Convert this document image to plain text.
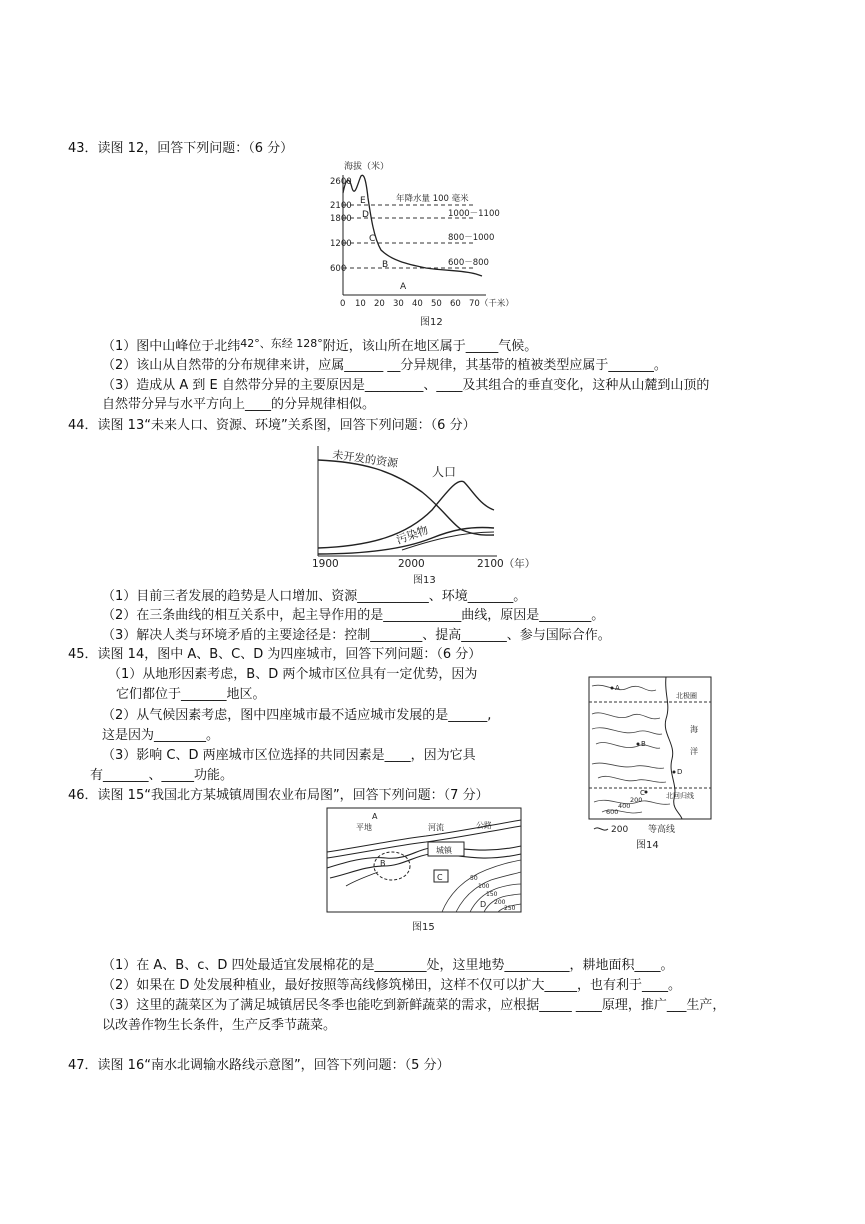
43．读图 12，回答下列问题：（6 分）
海拔（米）
2600
2100
1800
1200
600
E
D
C
B
A
年降水量 100 毫米
1000－1100
800－1000
600－800
0 10 20 30 40 50 60 70（千米）
图12
（1）图中山峰位于北纬$^{42^\circ、东经 128^\circ}$附近，该山所在地区属于_____气候。
（2）该山从自然带的分布规律来讲，应属______ __分异规律，其基带的植被类型应属于_______。
（3）造成从 A 到 E 自然带分异的主要原因是_________、____及其组合的垂直变化，这种从山麓到山顶的
自然带分异与水平方向上____的分异规律相似。
44．读图 13“未来人口、资源、环境”关系图，回答下列问题：（6 分）
未开发的资源
人口
污染物
1900	2000	2100（年）
图13
（1）目前三者发展的趋势是人口增加、资源___________、环境_______。
（2）在三条曲线的相互关系中，起主导作用的是____________曲线，原因是________。
（3）解决人类与环境矛盾的主要途径是：控制________、提高_______、参与国际合作。
45．读图 14，图中 A、B、C、D 为四座城市，回答下列问题：（6 分）
（1）从地形因素考虑，B、D 两个城市区位具有一定优势，因为
它们都位于_______地区。
（2）从气候因素考虑，图中四座城市最不适应城市发展的是______,
这是因为________。
（3）影响 C、D 两座城市区位选择的共同因素是____，因为它具
有_______、_____功能。
北极圈
北回归线
海
洋
200
400
600
A
B
C
D
200 等高线
图14
46．读图 15“我国北方某城镇周围农业布局图”，回答下列问题：（7 分）
城镇
C	50
100
150
200
250
A
平地	河流	公路
B
D
图15
（1）在 A、B、c、D 四处最适宜发展棉花的是________处，这里地势__________，耕地面积____。
（2）如果在 D 处发展种植业，最好按照等高线修筑梯田，这样不仅可以扩大_____，也有利于____。
（3）这里的蔬菜区为了满足城镇居民冬季也能吃到新鲜蔬菜的需求，应根据_____ ____原理，推广___生产，
以改善作物生长条件，生产反季节蔬菜。
47．读图 16“南水北调输水路线示意图”，回答下列问题：（5 分）
